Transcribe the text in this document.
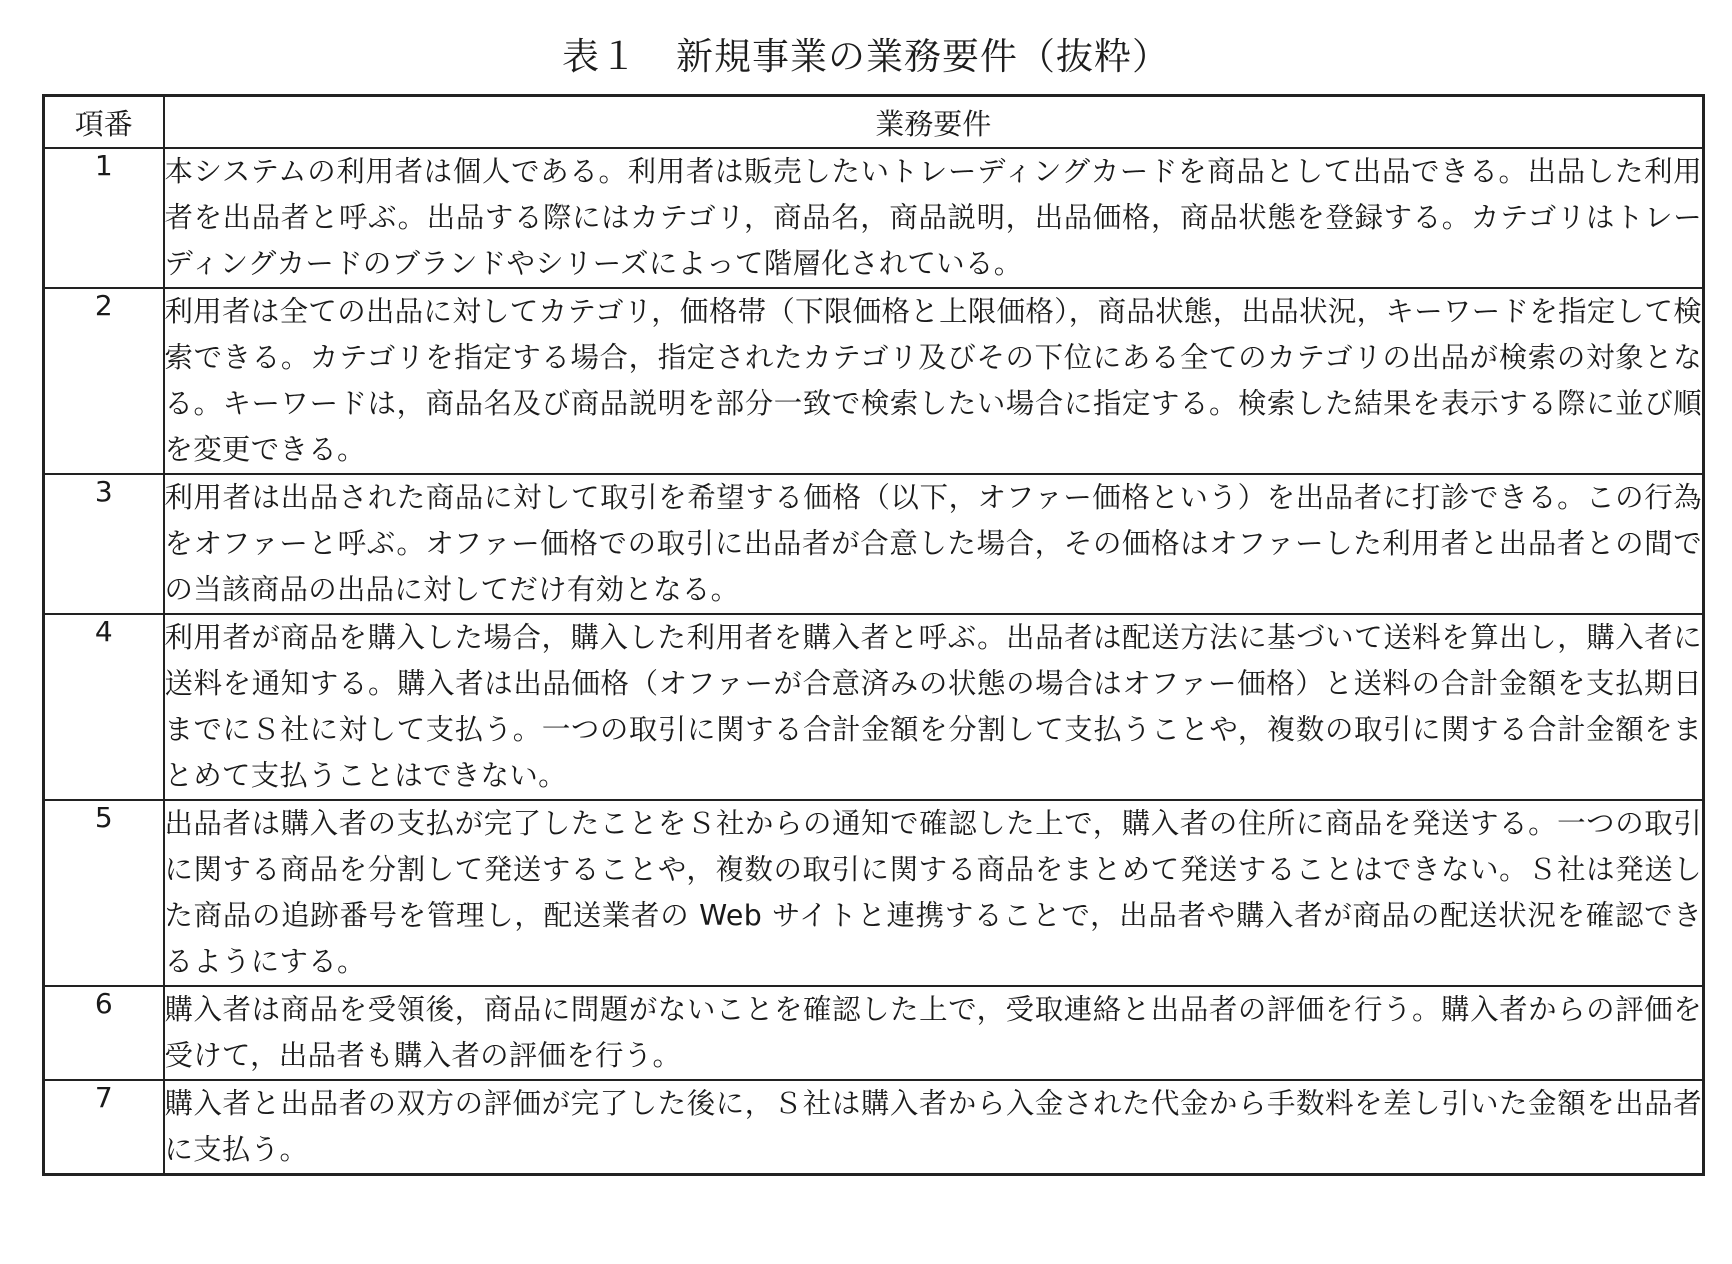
表１　新規事業の業務要件（抜粋）
項番	業務要件
1	本システムの利用者は個人である。利用者は販売したいトレーディングカードを商品として出品できる。出品した利用者を出品者と呼ぶ。出品する際にはカテゴリ，商品名，商品説明，出品価格，商品状態を登録する。カテゴリはトレーディングカードのブランドやシリーズによって階層化されている。
2	利用者は全ての出品に対してカテゴリ，価格帯（下限価格と上限価格），商品状態，出品状況，キーワードを指定して検索できる。カテゴリを指定する場合，指定されたカテゴリ及びその下位にある全てのカテゴリの出品が検索の対象となる。キーワードは，商品名及び商品説明を部分一致で検索したい場合に指定する。検索した結果を表示する際に並び順を変更できる。
3	利用者は出品された商品に対して取引を希望する価格（以下，オファー価格という）を出品者に打診できる。この行為をオファーと呼ぶ。オファー価格での取引に出品者が合意した場合，その価格はオファーした利用者と出品者との間での当該商品の出品に対してだけ有効となる。
4	利用者が商品を購入した場合，購入した利用者を購入者と呼ぶ。出品者は配送方法に基づいて送料を算出し，購入者に送料を通知する。購入者は出品価格（オファーが合意済みの状態の場合はオファー価格）と送料の合計金額を支払期日までにＳ社に対して支払う。一つの取引に関する合計金額を分割して支払うことや，複数の取引に関する合計金額をまとめて支払うことはできない。
5	出品者は購入者の支払が完了したことをＳ社からの通知で確認した上で，購入者の住所に商品を発送する。一つの取引に関する商品を分割して発送することや，複数の取引に関する商品をまとめて発送することはできない。Ｓ社は発送した商品の追跡番号を管理し，配送業者の Web サイトと連携することで，出品者や購入者が商品の配送状況を確認できるようにする。
6	購入者は商品を受領後，商品に問題がないことを確認した上で，受取連絡と出品者の評価を行う。購入者からの評価を受けて，出品者も購入者の評価を行う。
7	購入者と出品者の双方の評価が完了した後に，Ｓ社は購入者から入金された代金から手数料を差し引いた金額を出品者に支払う。
